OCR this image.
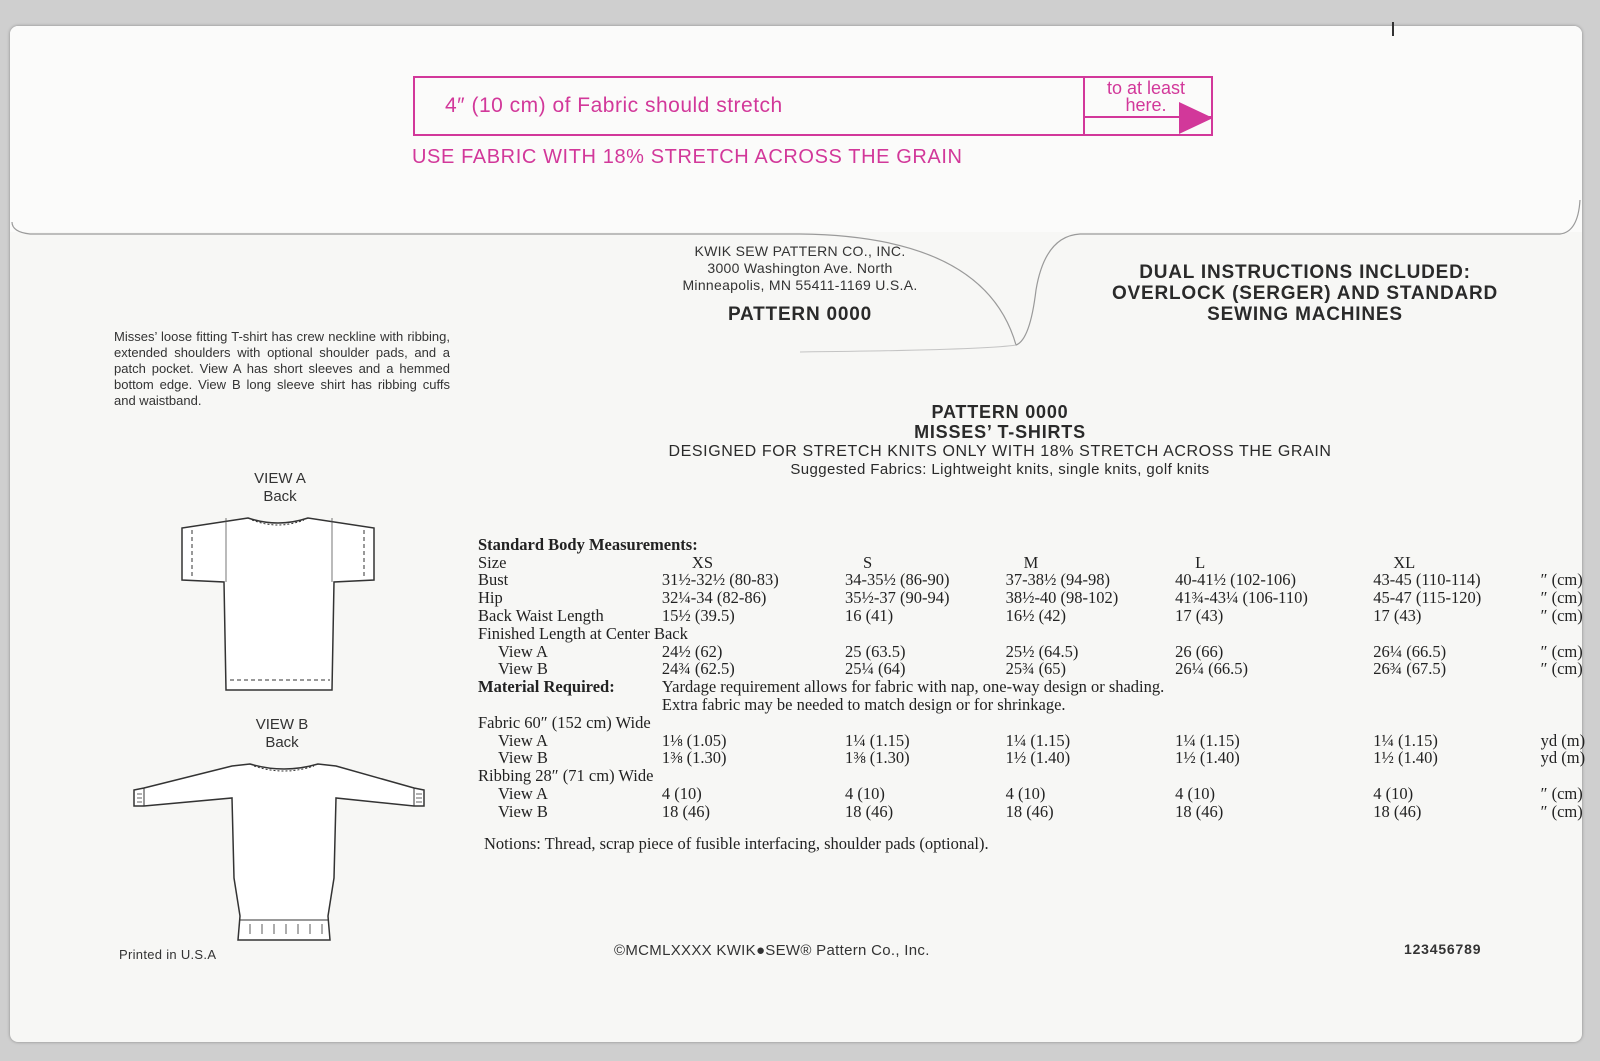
4″ (10 cm) of Fabric should stretch
to at least here.
USE FABRIC WITH 18% STRETCH ACROSS THE GRAIN
KWIK SEW PATTERN CO., INC.
3000 Washington Ave. North
Minneapolis, MN 55411-1169 U.S.A.
PATTERN 0000
DUAL INSTRUCTIONS INCLUDED:
OVERLOCK (SERGER) AND STANDARD
SEWING MACHINES
Misses’ loose fitting T-shirt has crew neckline with ribbing, extended shoulders with optional shoulder pads, and a patch pocket. View A has short sleeves and a hemmed bottom edge. View B long sleeve shirt has ribbing cuffs and waistband.
VIEW A
Back
VIEW B
Back
PATTERN 0000
MISSES’ T-SHIRTS
DESIGNED FOR STRETCH KNITS ONLY WITH 18% STRETCH ACROSS THE GRAIN
Suggested Fabrics: Lightweight knits, single knits, golf knits
Standard Body Measurements:						
Size	XS	S	M	L	XL	
Bust	31½-32½ (80-83)	34-35½ (86-90)	37-38½ (94-98)	40-41½ (102-106)	43-45 (110-114)	″ (cm)
Hip	32¼-34 (82-86)	35½-37 (90-94)	38½-40 (98-102)	41¾-43¼ (106-110)	45-47 (115-120)	″ (cm)
Back Waist Length	15½ (39.5)	16 (41)	16½ (42)	17 (43)	17 (43)	″ (cm)
Finished Length at Center Back						
View A	24½ (62)	25 (63.5)	25½ (64.5)	26 (66)	26¼ (66.5)	″ (cm)
View B	24¾ (62.5)	25¼ (64)	25¾ (65)	26¼ (66.5)	26¾ (67.5)	″ (cm)
Material Required:	Yardage requirement allows for fabric with nap, one-way design or shading.					
	Extra fabric may be needed to match design or for shrinkage.					
Fabric 60″ (152 cm) Wide						
View A	1⅛ (1.05)	1¼ (1.15)	1¼ (1.15)	1¼ (1.15)	1¼ (1.15)	yd (m)
View B	1⅜ (1.30)	1⅜ (1.30)	1½ (1.40)	1½ (1.40)	1½ (1.40)	yd (m)
Ribbing 28″ (71 cm) Wide						
View A	4 (10)	4 (10)	4 (10)	4 (10)	4 (10)	″ (cm)
View B	18 (46)	18 (46)	18 (46)	18 (46)	18 (46)	″ (cm)
Notions: Thread, scrap piece of fusible interfacing, shoulder pads (optional).
Printed in U.S.A	©MCMLXXXX KWIK●SEW® Pattern Co., Inc.	123456789
